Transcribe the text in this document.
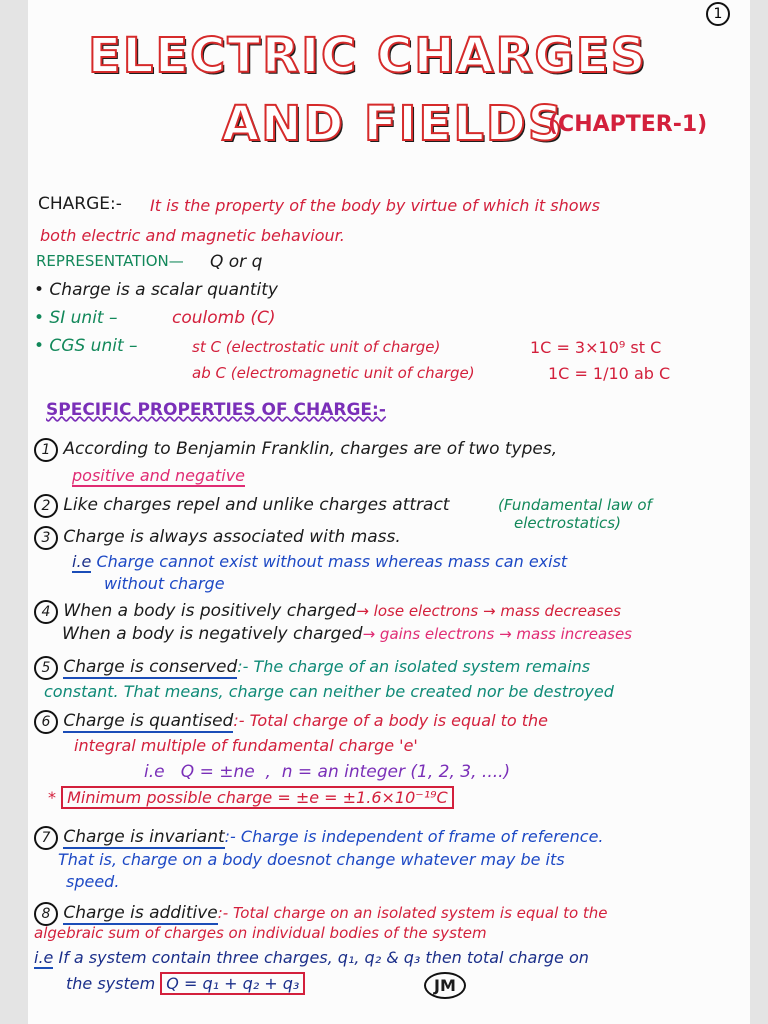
1
ELECTRIC CHARGES
AND FIELDS
(CHAPTER-1)
CHARGE:- It is the property of the body by virtue of which it shows
both electric and magnetic behaviour.
REPRESENTATION— Q or q
• Charge is a scalar quantity
• SI unit –	coulomb (C)
• CGS unit –	st C (electrostatic unit of charge)	1C = 3×10⁹ st C
ab C (electromagnetic unit of charge)	1C = 1/10 ab C
SPECIFIC PROPERTIES OF CHARGE:-
1 According to Benjamin Franklin, charges are of two types,
positive and negative
2 Like charges repel and unlike charges attract	(Fundamental law of
electrostatics)
3 Charge is always associated with mass.
i.e Charge cannot exist without mass whereas mass can exist
without charge
4 When a body is positively charged→ lose electrons → mass decreases
When a body is negatively charged→ gains electrons → mass increases
5 Charge is conserved:- The charge of an isolated system remains
constant. That means, charge can neither be created nor be destroyed
6 Charge is quantised:- Total charge of a body is equal to the
integral multiple of fundamental charge 'e'
i.e   Q = ±ne  ,  n = an integer (1, 2, 3, ....)
* Minimum possible charge = ±e = ±1.6×10⁻¹⁹C
7 Charge is invariant:- Charge is independent of frame of reference.
That is, charge on a body doesnot change whatever may be its
speed.
8 Charge is additive:- Total charge on an isolated system is equal to the
algebraic sum of charges on individual bodies of the system
i.e If a system contain three charges, q₁, q₂ & q₃ then total charge on
the system Q = q₁ + q₂ + q₃	JM
